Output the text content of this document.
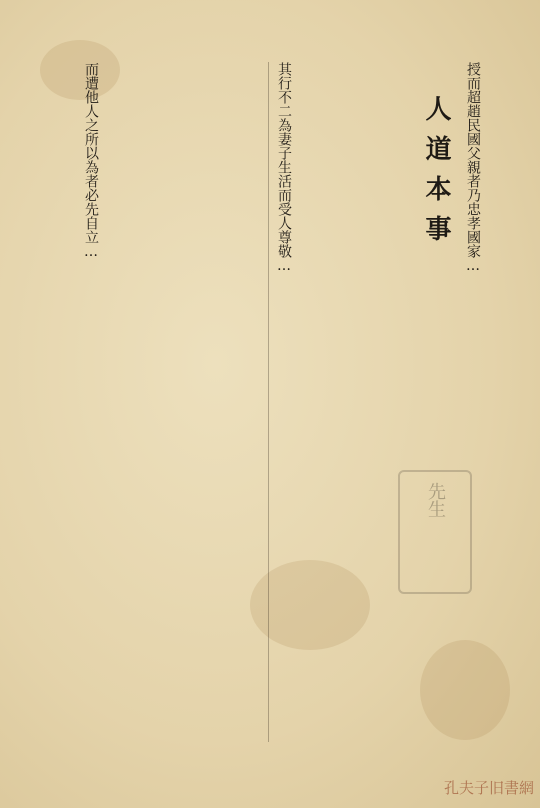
人道本事 授而超趙民國父親者乃忠孝國家…
其行不二為妻子生活而受人尊敬…
而遭他人之所以為者必先自立…
先生
孔夫子旧書網
